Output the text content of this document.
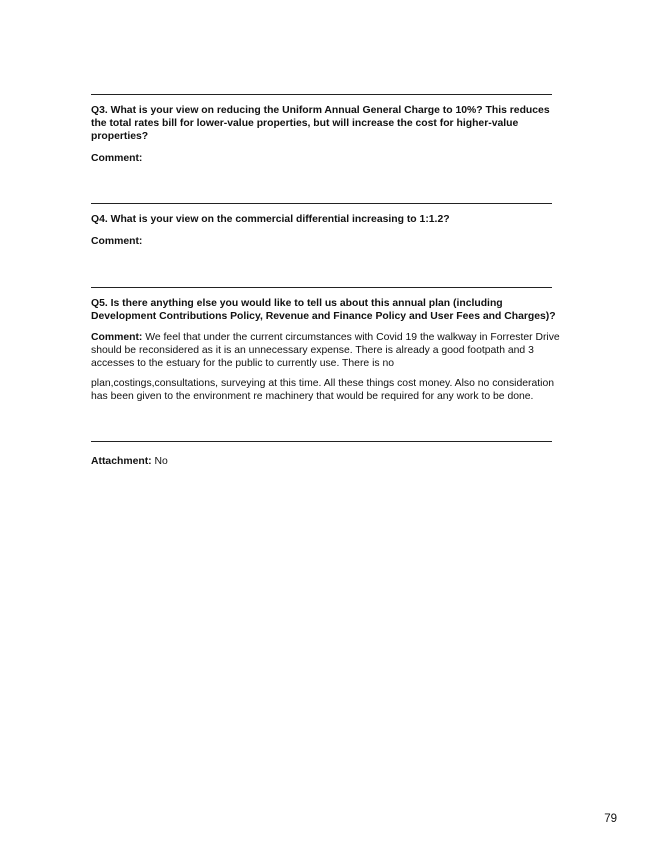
Q3. What is your view on reducing the Uniform Annual General Charge to 10%? This reduces the total rates bill for lower-value properties, but will increase the cost for higher-value properties?

Comment:

Q4. What is your view on the commercial differential increasing to 1:1.2?

Comment:

Q5. Is there anything else you would like to tell us about this annual plan (including Development Contributions Policy, Revenue and Finance Policy and User Fees and Charges)?

Comment: We feel that under the current circumstances with Covid 19 the walkway in Forrester Drive should be reconsidered as it is an unnecessary expense. There is already a good footpath and 3 accesses to the estuary for the public to currently use. There is no

plan,costings,consultations, surveying at this time. All these things cost money. Also no consideration has been given to the environment re machinery that would be required for any work to be done.

Attachment: No

79
